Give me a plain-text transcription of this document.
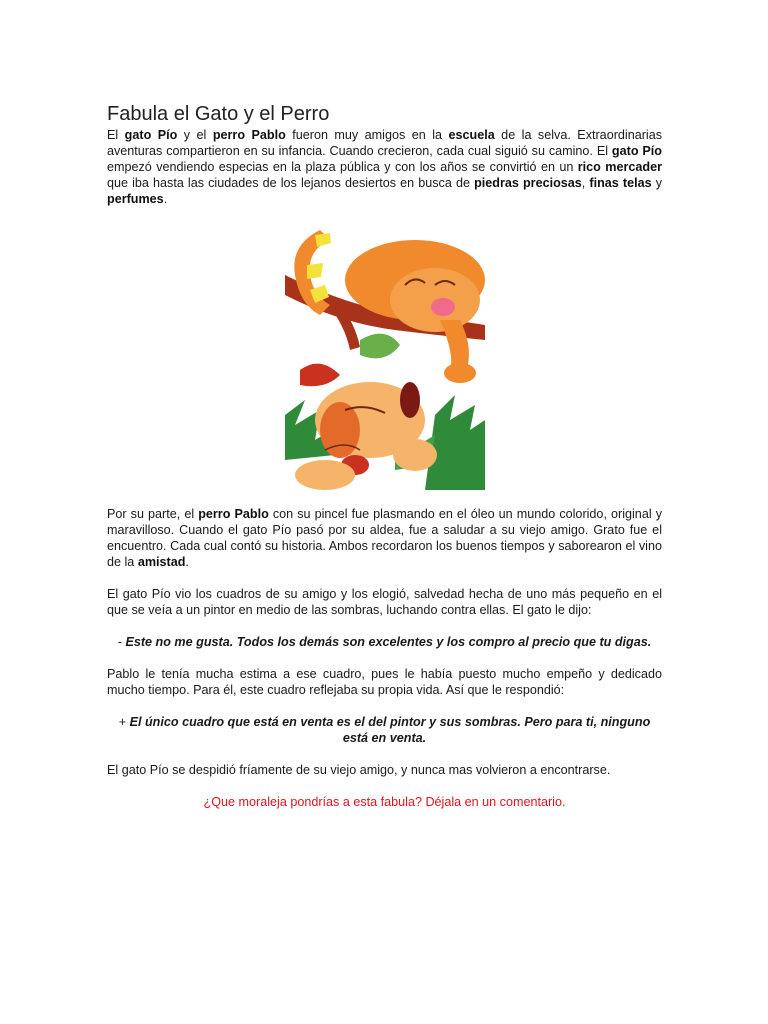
Fabula el Gato y el Perro

El gato Pío y el perro Pablo fueron muy amigos en la escuela de la selva. Extraordinarias aventuras compartieron en su infancia. Cuando crecieron, cada cual siguió su camino. El gato Pío empezó vendiendo especias en la plaza pública y con los años se convirtió en un rico mercader que iba hasta las ciudades de los lejanos desiertos en busca de piedras preciosas, finas telas y perfumes.

Por su parte, el perro Pablo con su pincel fue plasmando en el óleo un mundo colorido, original y maravilloso. Cuando el gato Pío pasó por su aldea, fue a saludar a su viejo amigo. Grato fue el encuentro. Cada cual contó su historia. Ambos recordaron los buenos tiempos y saborearon el vino de la amistad.

El gato Pío vio los cuadros de su amigo y los elogió, salvedad hecha de uno más pequeño en el que se veía a un pintor en medio de las sombras, luchando contra ellas. El gato le dijo:

- Este no me gusta. Todos los demás son excelentes y los compro al precio que tu digas.

Pablo le tenía mucha estima a ese cuadro, pues le había puesto mucho empeño y dedicado mucho tiempo. Para él, este cuadro reflejaba su propia vida. Así que le respondió:

+ El único cuadro que está en venta es el del pintor y sus sombras. Pero para ti, ninguno está en venta.

El gato Pío se despidió fríamente de su viejo amigo, y nunca mas volvieron a encontrarse.

¿Que moraleja pondrías a esta fabula? Déjala en un comentario.
